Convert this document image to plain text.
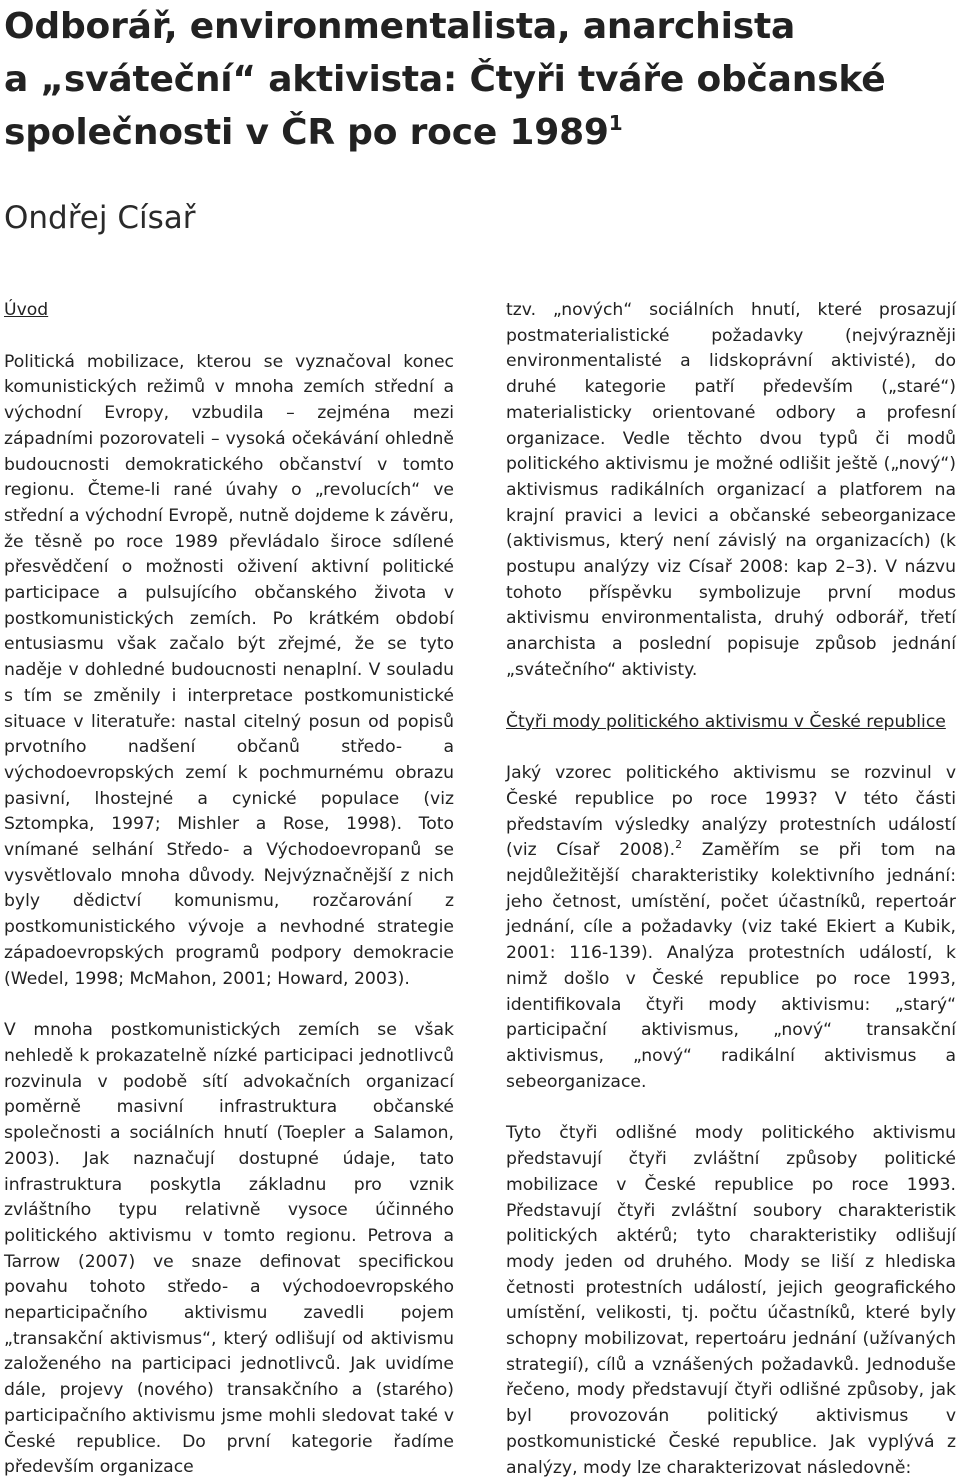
Odborář, environmentalista, anarchista
a „sváteční“ aktivista: Čtyři tváře občanské
společnosti v ČR po roce 1989$^1$
Ondřej Císař
Úvod

Politická mobilizace, kterou se vyznačoval konec komunistických režimů v mnoha zemích střední a východní Evropy, vzbudila – zejména mezi západními pozorovateli – vysoká očekávání ohledně budoucnosti demokratického občanství v tomto regionu. Čteme-li rané úvahy o „revolucích“ ve střední a východní Evropě, nutně dojdeme k závěru, že těsně po roce 1989 převládalo široce sdílené přesvědčení o možnosti oživení aktivní politické participace a pulsujícího občanského života v postkomunistických zemích. Po krátkém období entusiasmu však začalo být zřejmé, že se tyto naděje v dohledné budoucnosti nenaplní. V souladu s tím se změnily i interpretace postkomunistické situace v literatuře: nastal citelný posun od popisů prvotního nadšení občanů středo- a východoevropských zemí k pochmurnému obrazu pasivní, lhostejné a cynické populace (viz Sztompka, 1997; Mishler a Rose, 1998). Toto vnímané selhání Středo- a Východoevropanů se vysvětlovalo mnoha důvody. Nejvýznačnější z nich byly dědictví komunismu, rozčarování z postkomunistického vývoje a nevhodné strategie západoevropských programů podpory demokracie (Wedel, 1998; McMahon, 2001; Howard, 2003).

V mnoha postkomunistických zemích se však nehledě k prokazatelně nízké participaci jednotlivců rozvinula v podobě sítí advokačních organizací poměrně masivní infrastruktura občanské společnosti a sociálních hnutí (Toepler a Salamon, 2003). Jak naznačují dostupné údaje, tato infrastruktura poskytla základnu pro vznik zvláštního typu relativně vysoce účinného politického aktivismu v tomto regionu. Petrova a Tarrow (2007) ve snaze definovat specifickou povahu tohoto středo- a východoevropského neparticipačního aktivismu zavedli pojem „transakční aktivismus“, který odlišují od aktivismu založeného na participaci jednotlivců. Jak uvidíme dále, projevy (nového) transakčního a (starého) participačního aktivismu jsme mohli sledovat také v České republice. Do první kategorie řadíme především organizace

tzv. „nových“ sociálních hnutí, které prosazují postmaterialistické požadavky (nejvýrazněji environmentalisté a lidskoprávní aktivisté), do druhé kategorie patří především („staré“) materialisticky orientované odbory a profesní organizace. Vedle těchto dvou typů či modů politického aktivismu je možné odlišit ještě („nový“) aktivismus radikálních organizací a platforem na krajní pravici a levici a občanské sebeorganizace (aktivismus, který není závislý na organizacích) (k postupu analýzy viz Císař 2008: kap 2–3). V názvu tohoto příspěvku symbolizuje první modus aktivismu environmentalista, druhý odborář, třetí anarchista a poslední popisuje způsob jednání „svátečního“ aktivisty.

Čtyři mody politického aktivismu v České republice

Jaký vzorec politického aktivismu se rozvinul v České republice po roce 1993? V této části představím výsledky analýzy protestních událostí (viz Císař 2008).$^2$ Zaměřím se při tom na nejdůležitější charakteristiky kolektivního jednání: jeho četnost, umístění, počet účastníků, repertoár jednání, cíle a požadavky (viz také Ekiert a Kubik, 2001: 116-139). Analýza protestních událostí, k nimž došlo v České republice po roce 1993, identifikovala čtyři mody aktivismu: „starý“ participační aktivismus, „nový“ transakční aktivismus, „nový“ radikální aktivismus a sebeorganizace.

Tyto čtyři odlišné mody politického aktivismu představují čtyři zvláštní způsoby politické mobilizace v České republice po roce 1993. Představují čtyři zvláštní soubory charakteristik politických aktérů; tyto charakteristiky odlišují mody jeden od druhého. Mody se liší z hlediska četnosti protestních událostí, jejich geografického umístění, velikosti, tj. počtu účastníků, které byly schopny mobilizovat, repertoáru jednání (užívaných strategií), cílů a vznášených požadavků. Jednoduše řečeno, mody představují čtyři odlišné způsoby, jak byl provozován politický aktivismus v postkomunistické České republice. Jak vyplývá z analýzy, mody lze charakterizovat následovně:
